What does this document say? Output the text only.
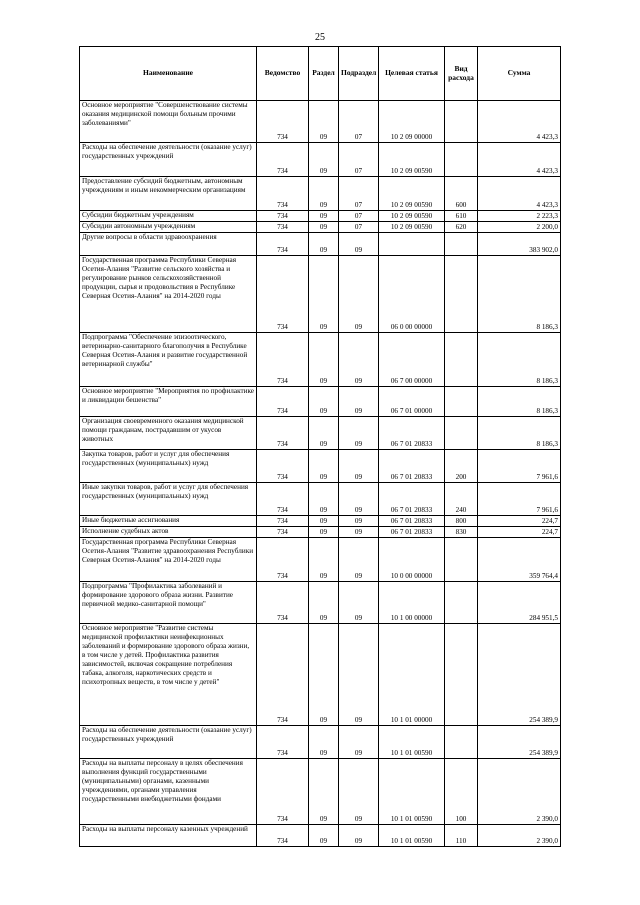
25
Наименование	Ведомство	Раздел	Подраздел	Целевая статья	Вид расхода	Сумма
Основное мероприятие "Совершенствование системы оказания медицинской помощи больным прочими заболеваниями"	734	09	07	10 2 09 00000		4 423,3
Расходы на обеспечение деятельности (оказание услуг) государственных учреждений	734	09	07	10 2 09 00590		4 423,3
Предоставление субсидий бюджетным, автономным учреждениям и иным некоммерческим организациям	734	09	07	10 2 09 00590	600	4 423,3
Субсидии бюджетным учреждениям	734	09	07	10 2 09 00590	610	2 223,3
Субсидии автономным учреждениям	734	09	07	10 2 09 00590	620	2 200,0
Другие вопросы в области здравоохранения	734	09	09			383 902,0
Государственная программа Республики Северная Осетия-Алания "Развитие сельского хозяйства и регулирование рынков сельскохозяйственной продукции, сырья и продовольствия в Республике Северная Осетия-Алания" на 2014-2020 годы	734	09	09	06 0 00 00000		8 186,3
Подпрограмма "Обеспечение эпизоотического, ветеринарно-санитарного благополучия в Республике Северная Осетия-Алания и развитие государственной ветеринарной службы"	734	09	09	06 7 00 00000		8 186,3
Основное мероприятие "Мероприятия по профилактике и ликвидации бешенства"	734	09	09	06 7 01 00000		8 186,3
Организация своевременного оказания медицинской помощи гражданам, пострадавшим от укусов животных	734	09	09	06 7 01 20833		8 186,3
Закупка товаров, работ и услуг для обеспечения государственных (муниципальных) нужд	734	09	09	06 7 01 20833	200	7 961,6
Иные закупки товаров, работ и услуг для обеспечения государственных (муниципальных) нужд	734	09	09	06 7 01 20833	240	7 961,6
Иные бюджетные ассигнования	734	09	09	06 7 01 20833	800	224,7
Исполнение судебных актов	734	09	09	06 7 01 20833	830	224,7
Государственная программа Республики Северная Осетия-Алания "Развитие здравоохранения Республики Северная Осетия-Алания" на 2014-2020 годы	734	09	09	10 0 00 00000		359 764,4
Подпрограмма "Профилактика заболеваний и формирование здорового образа жизни. Развитие первичной медико-санитарной помощи"	734	09	09	10 1 00 00000		284 951,5
Основное мероприятие "Развитие системы медицинской профилактики неинфекционных заболеваний и формирование здорового образа жизни, в том числе у детей. Профилактика развития зависимостей, включая сокращение потребления табака, алкоголя, наркотических средств и психотропных веществ, в том числе у детей"	734	09	09	10 1 01 00000		254 389,9
Расходы на обеспечение деятельности (оказание услуг) государственных учреждений	734	09	09	10 1 01 00590		254 389,9
Расходы на выплаты персоналу в целях обеспечения выполнения функций государственными (муниципальными) органами, казенными учреждениями, органами управления государственными внебюджетными фондами	734	09	09	10 1 01 00590	100	2 390,0
Расходы на выплаты персоналу казенных учреждений	734	09	09	10 1 01 00590	110	2 390,0
